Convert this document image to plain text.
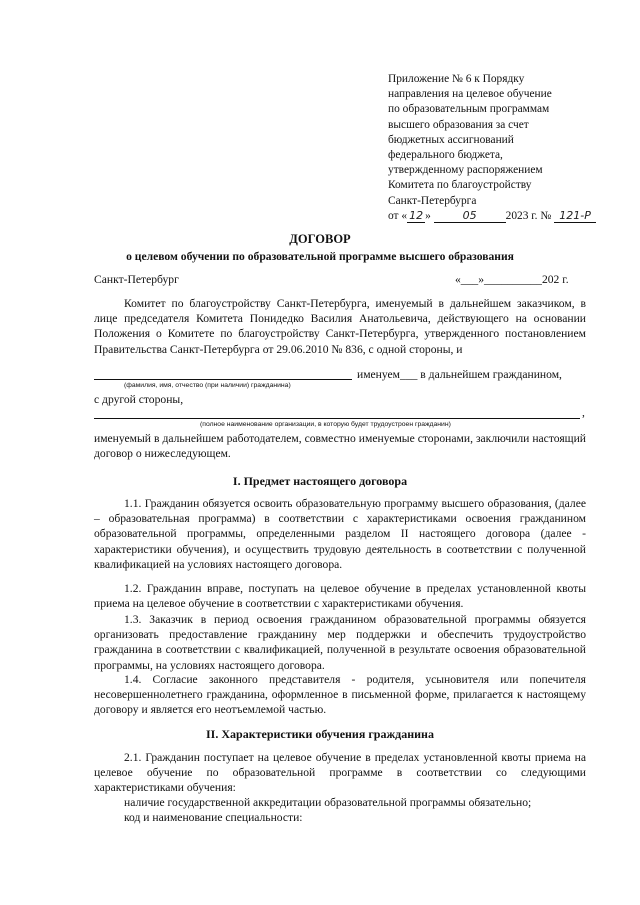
Приложение № 6 к Порядку
направления на целевое обучение
по образовательным программам
высшего образования за счет
бюджетных ассигнований
федерального бюджета,
утвержденному распоряжением
Комитета по благоустройству
Санкт-Петербурга
от « 12 »	05	2023 г. № 121-Р
ДОГОВОР
о целевом обучении по образовательной программе высшего образования
Санкт-Петербург	«___»__________202 г.
Комитет по благоустройству Санкт-Петербурга, именуемый в дальнейшем заказчиком, в лице председателя Комитета Понидедко Василия Анатольевича, действующего на основании Положения о Комитете по благоустройству Санкт-Петербурга, утвержденного постановлением Правительства Санкт-Петербурга от 29.06.2010 № 836, с одной стороны, и
именуем___ в дальнейшем гражданином,
(фамилия, имя, отчество (при наличии) гражданина)
с другой стороны,
,
(полное наименование организации, в которую будет трудоустроен гражданин)
именуемый в дальнейшем работодателем, совместно именуемые сторонами, заключили настоящий договор о нижеследующем.
I. Предмет настоящего договора
1.1. Гражданин обязуется освоить образовательную программу высшего образования, (далее – образовательная программа) в соответствии с характеристиками освоения гражданином образовательной программы, определенными разделом II настоящего договора (далее - характеристики обучения), и осуществить трудовую деятельность в соответствии с полученной квалификацией на условиях настоящего договора.
1.2. Гражданин вправе, поступать на целевое обучение в пределах установленной квоты приема на целевое обучение в соответствии с характеристиками обучения.
1.3. Заказчик в период освоения гражданином образовательной программы обязуется организовать предоставление гражданину мер поддержки и обеспечить трудоустройство гражданина в соответствии с квалификацией, полученной в результате освоения образовательной программы, на условиях настоящего договора.
1.4. Согласие законного представителя - родителя, усыновителя или попечителя несовершеннолетнего гражданина, оформленное в письменной форме, прилагается к настоящему договору и является его неотъемлемой частью.
II. Характеристики обучения гражданина
2.1. Гражданин поступает на целевое обучение в пределах установленной квоты приема на целевое обучение по образовательной программе в соответствии со следующими характеристиками обучения:
наличие государственной аккредитации образовательной программы обязательно;
код и наименование специальности:
